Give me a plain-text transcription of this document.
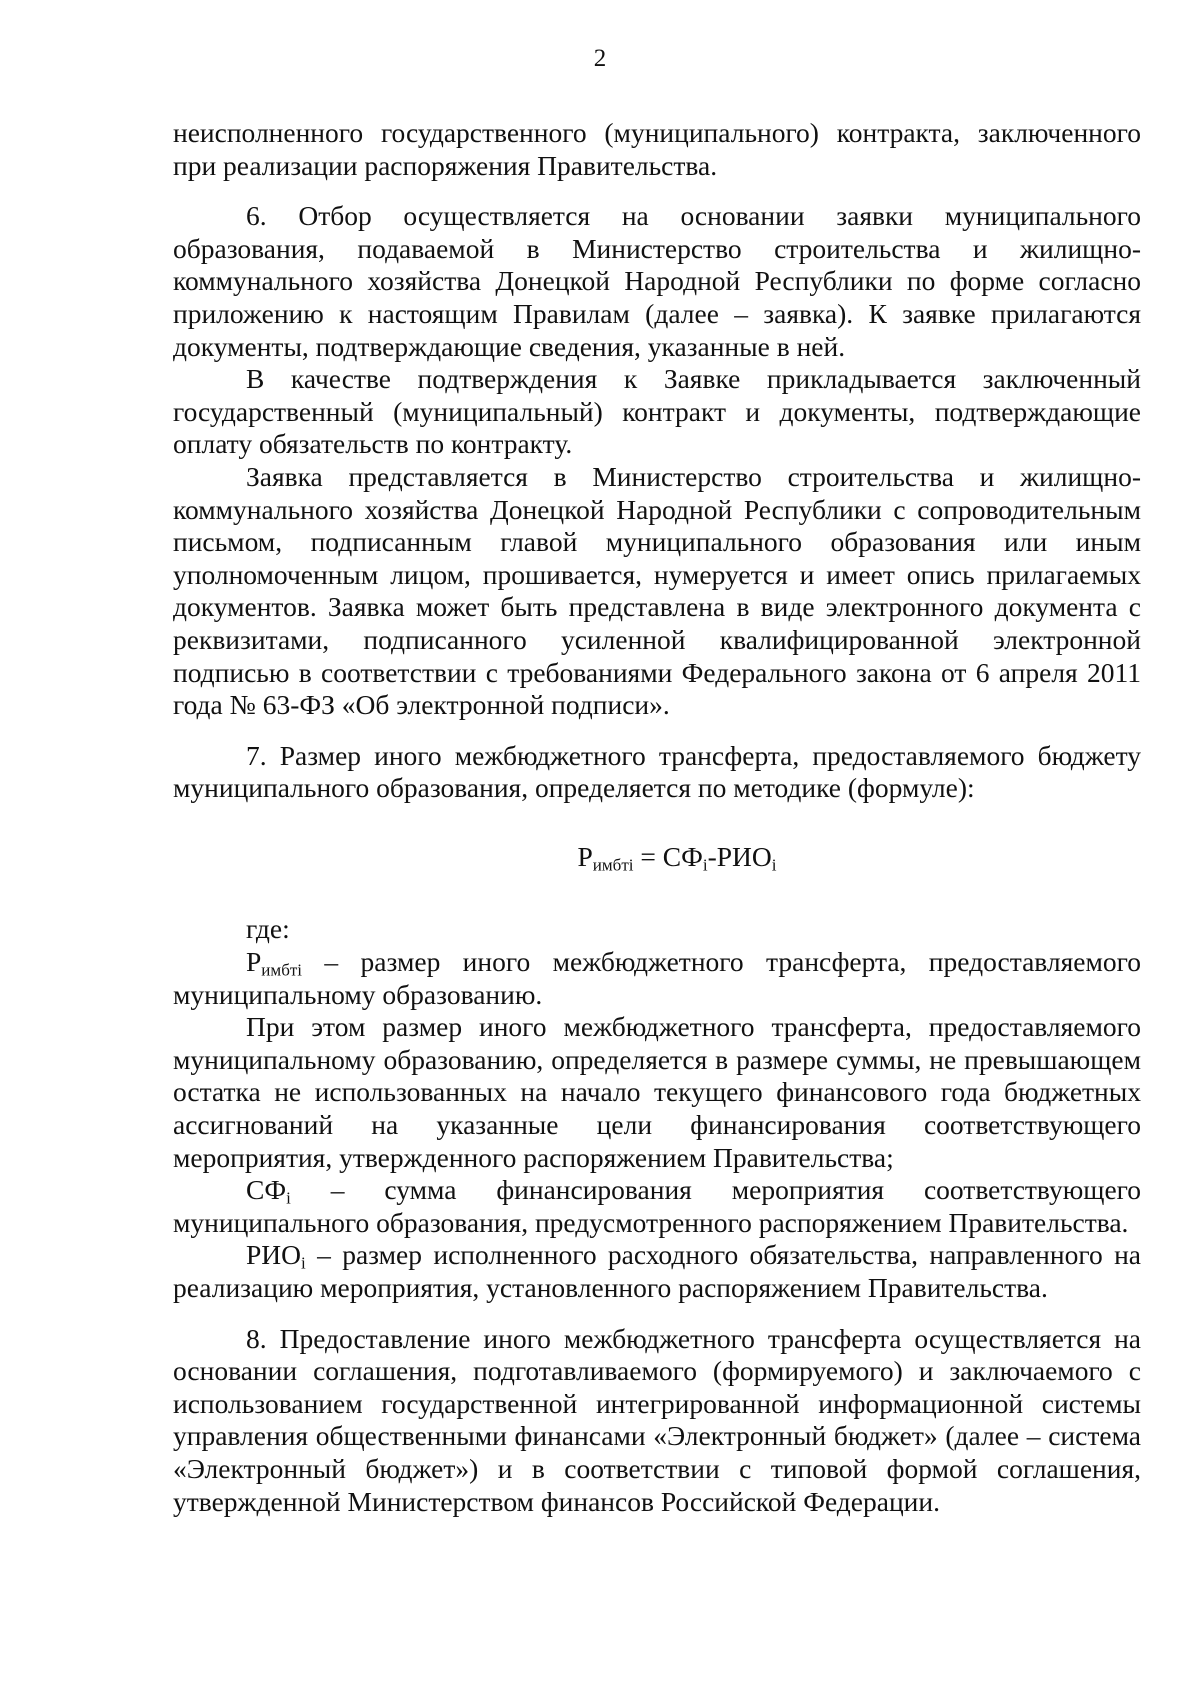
2

неисполненного государственного (муниципального) контракта, заключенного при реализации распоряжения Правительства.

6. Отбор осуществляется на основании заявки муниципального образования, подаваемой в Министерство строительства и жилищно-коммунального хозяйства Донецкой Народной Республики по форме согласно приложению к настоящим Правилам (далее – заявка). К заявке прилагаются документы, подтверждающие сведения, указанные в ней.

В качестве подтверждения к Заявке прикладывается заключенный государственный (муниципальный) контракт и документы, подтверждающие оплату обязательств по контракту.

Заявка представляется в Министерство строительства и жилищно-коммунального хозяйства Донецкой Народной Республики с сопроводительным письмом, подписанным главой муниципального образования или иным уполномоченным лицом, прошивается, нумеруется и имеет опись прилагаемых документов. Заявка может быть представлена в виде электронного документа с реквизитами, подписанного усиленной квалифицированной электронной подписью в соответствии с требованиями Федерального закона от 6 апреля 2011 года № 63-ФЗ «Об электронной подписи».

7. Размер иного межбюджетного трансферта, предоставляемого бюджету муниципального образования, определяется по методике (формуле):

$Р_{имбтi} = СФ_i-РИО_i$

где:

$Р_{имбтi}$ – размер иного межбюджетного трансферта, предоставляемого муниципальному образованию.

При этом размер иного межбюджетного трансферта, предоставляемого муниципальному образованию, определяется в размере суммы, не превышающем остатка не использованных на начало текущего финансового года бюджетных ассигнований на указанные цели финансирования соответствующего мероприятия, утвержденного распоряжением Правительства;

$СФ_i$ – сумма финансирования мероприятия соответствующего муниципального образования, предусмотренного распоряжением Правительства.

$РИО_i$ – размер исполненного расходного обязательства, направленного на реализацию мероприятия, установленного распоряжением Правительства.

8. Предоставление иного межбюджетного трансферта осуществляется на основании соглашения, подготавливаемого (формируемого) и заключаемого с использованием государственной интегрированной информационной системы управления общественными финансами «Электронный бюджет» (далее – система «Электронный бюджет») и в соответствии с типовой формой соглашения, утвержденной Министерством финансов Российской Федерации.
